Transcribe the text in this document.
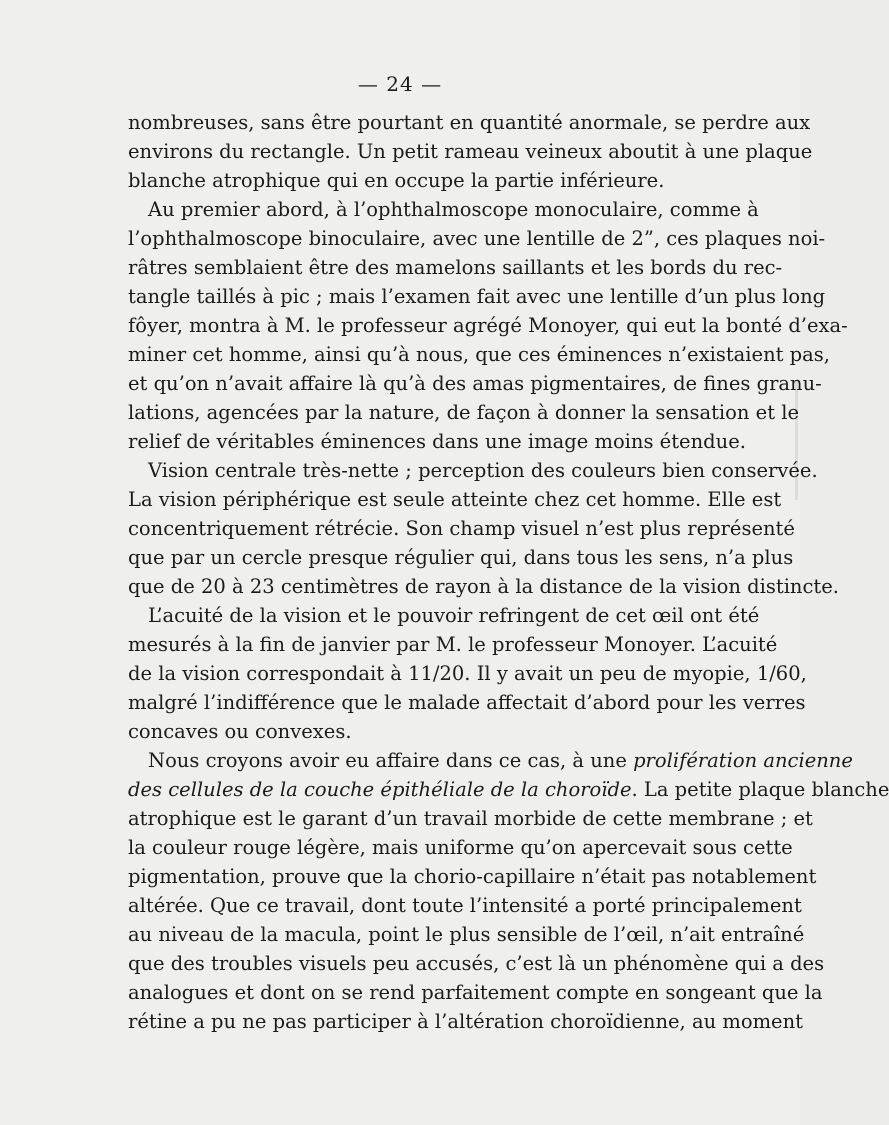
— 24 —
nombreuses, sans être pourtant en quantité anormale, se perdre aux
environs du rectangle. Un petit rameau veineux aboutit à une plaque
blanche atrophique qui en occupe la partie inférieure.
Au premier abord, à l’ophthalmoscope monoculaire, comme à
l’ophthalmoscope binoculaire, avec une lentille de 2”, ces plaques noi-
râtres semblaient être des mamelons saillants et les bords du rec-
tangle taillés à pic ; mais l’examen fait avec une lentille d’un plus long
fôyer, montra à M. le professeur agrégé Monoyer, qui eut la bonté d’exa-
miner cet homme, ainsi qu’à nous, que ces éminences n’existaient pas,
et qu’on n’avait affaire là qu’à des amas pigmentaires, de fines granu-
lations, agencées par la nature, de façon à donner la sensation et le
relief de véritables éminences dans une image moins étendue.
Vision centrale très-nette ; perception des couleurs bien conservée.
La vision périphérique est seule atteinte chez cet homme. Elle est
concentriquement rétrécie. Son champ visuel n’est plus représenté
que par un cercle presque régulier qui, dans tous les sens, n’a plus
que de 20 à 23 centimètres de rayon à la distance de la vision distincte.
L’acuité de la vision et le pouvoir refringent de cet œil ont été
mesurés à la fin de janvier par M. le professeur Monoyer. L’acuité
de la vision correspondait à 11/20. Il y avait un peu de myopie, 1/60,
malgré l’indifférence que le malade affectait d’abord pour les verres
concaves ou convexes.
Nous croyons avoir eu affaire dans ce cas, à une prolifération ancienne
des cellules de la couche épithéliale de la choroïde. La petite plaque blanche
atrophique est le garant d’un travail morbide de cette membrane ; et
la couleur rouge légère, mais uniforme qu’on apercevait sous cette
pigmentation, prouve que la chorio-capillaire n’était pas notablement
altérée. Que ce travail, dont toute l’intensité a porté principalement
au niveau de la macula, point le plus sensible de l’œil, n’ait entraîné
que des troubles visuels peu accusés, c’est là un phénomène qui a des
analogues et dont on se rend parfaitement compte en songeant que la
rétine a pu ne pas participer à l’altération choroïdienne, au moment
